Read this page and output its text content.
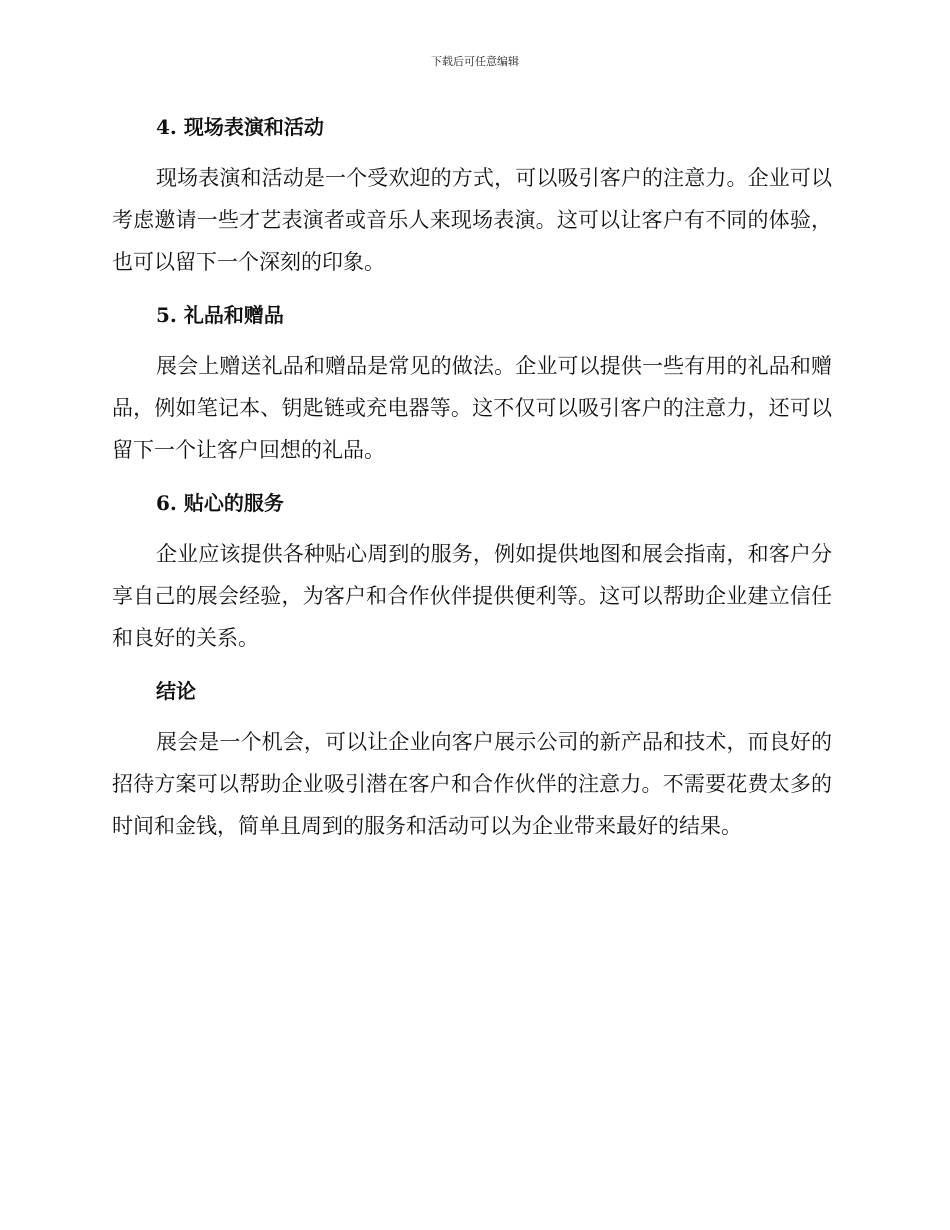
下载后可任意编辑
4. 现场表演和活动

现场表演和活动是一个受欢迎的方式，可以吸引客户的注意力。企业可以考虑邀请一些才艺表演者或音乐人来现场表演。这可以让客户有不同的体验，也可以留下一个深刻的印象。

5. 礼品和赠品

展会上赠送礼品和赠品是常见的做法。企业可以提供一些有用的礼品和赠品，例如笔记本、钥匙链或充电器等。这不仅可以吸引客户的注意力，还可以留下一个让客户回想的礼品。

6. 贴心的服务

企业应该提供各种贴心周到的服务，例如提供地图和展会指南，和客户分享自己的展会经验，为客户和合作伙伴提供便利等。这可以帮助企业建立信任和良好的关系。

结论

展会是一个机会，可以让企业向客户展示公司的新产品和技术，而良好的招待方案可以帮助企业吸引潜在客户和合作伙伴的注意力。不需要花费太多的时间和金钱，简单且周到的服务和活动可以为企业带来最好的结果。
